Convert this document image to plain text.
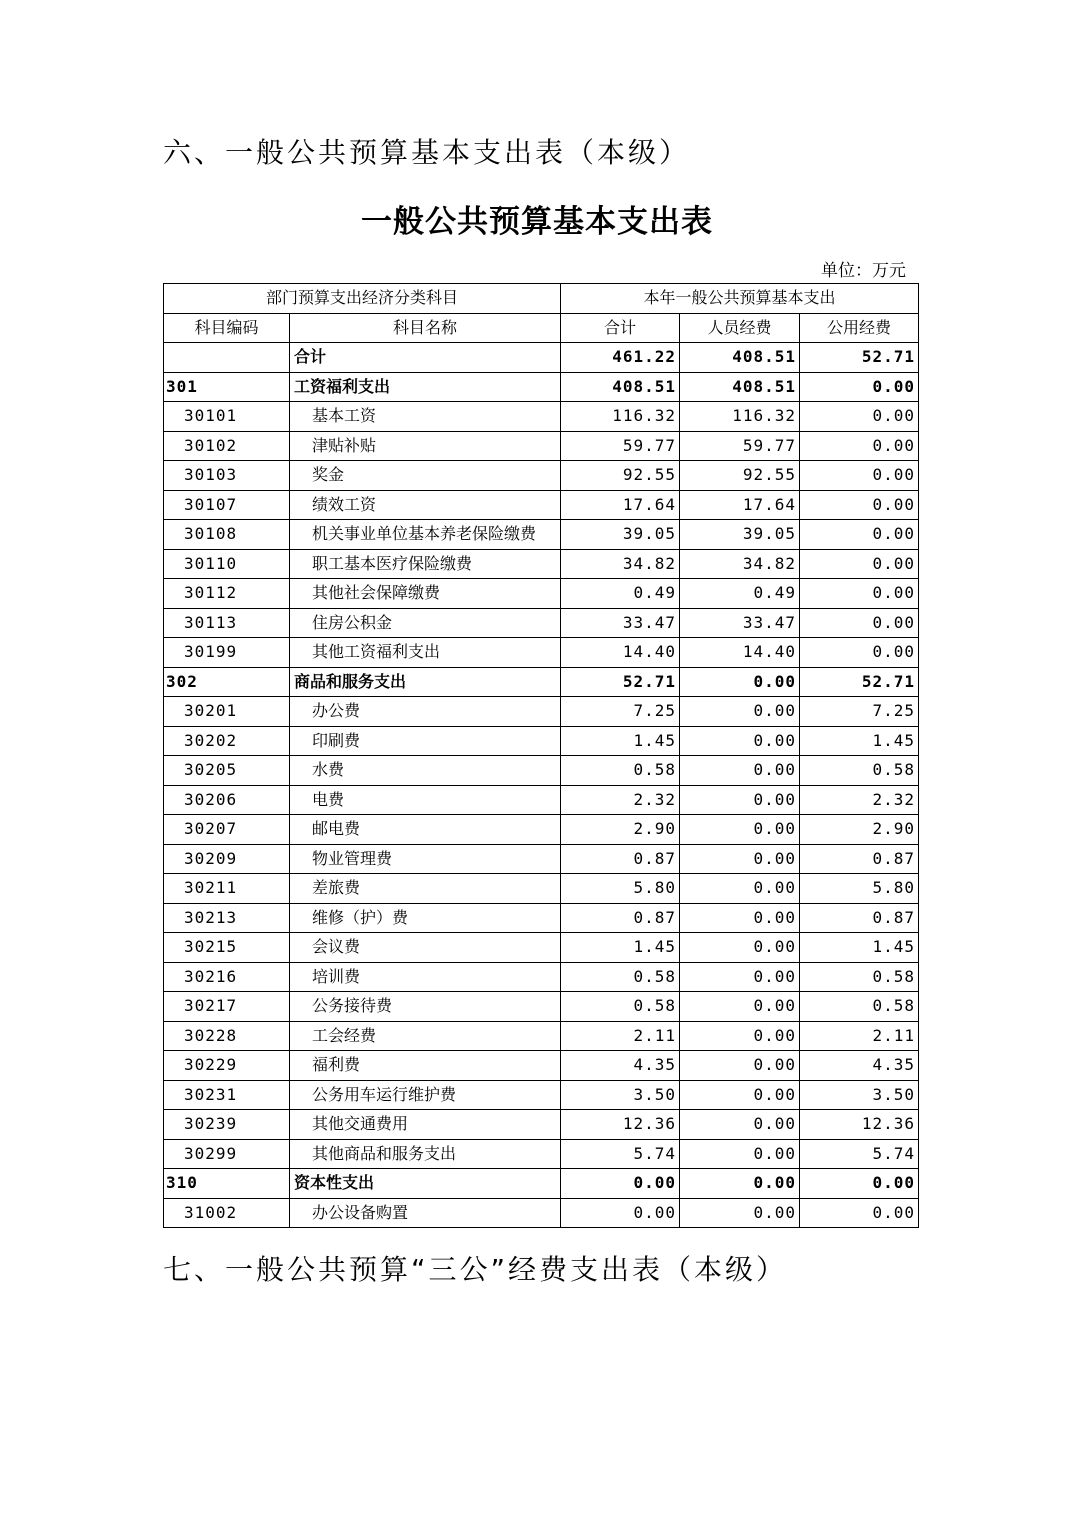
六、一般公共预算基本支出表（本级）
一般公共预算基本支出表
单位：万元
部门预算支出经济分类科目		本年一般公共预算基本支出		
科目编码	科目名称	合计	人员经费	公用经费
	合计	461.22	408.51	52.71
301	工资福利支出	408.51	408.51	0.00
30101	基本工资	116.32	116.32	0.00
30102	津贴补贴	59.77	59.77	0.00
30103	奖金	92.55	92.55	0.00
30107	绩效工资	17.64	17.64	0.00
30108	机关事业单位基本养老保险缴费	39.05	39.05	0.00
30110	职工基本医疗保险缴费	34.82	34.82	0.00
30112	其他社会保障缴费	0.49	0.49	0.00
30113	住房公积金	33.47	33.47	0.00
30199	其他工资福利支出	14.40	14.40	0.00
302	商品和服务支出	52.71	0.00	52.71
30201	办公费	7.25	0.00	7.25
30202	印刷费	1.45	0.00	1.45
30205	水费	0.58	0.00	0.58
30206	电费	2.32	0.00	2.32
30207	邮电费	2.90	0.00	2.90
30209	物业管理费	0.87	0.00	0.87
30211	差旅费	5.80	0.00	5.80
30213	维修（护）费	0.87	0.00	0.87
30215	会议费	1.45	0.00	1.45
30216	培训费	0.58	0.00	0.58
30217	公务接待费	0.58	0.00	0.58
30228	工会经费	2.11	0.00	2.11
30229	福利费	4.35	0.00	4.35
30231	公务用车运行维护费	3.50	0.00	3.50
30239	其他交通费用	12.36	0.00	12.36
30299	其他商品和服务支出	5.74	0.00	5.74
310	资本性支出	0.00	0.00	0.00
31002	办公设备购置	0.00	0.00	0.00
七、一般公共预算“三公”经费支出表（本级）
